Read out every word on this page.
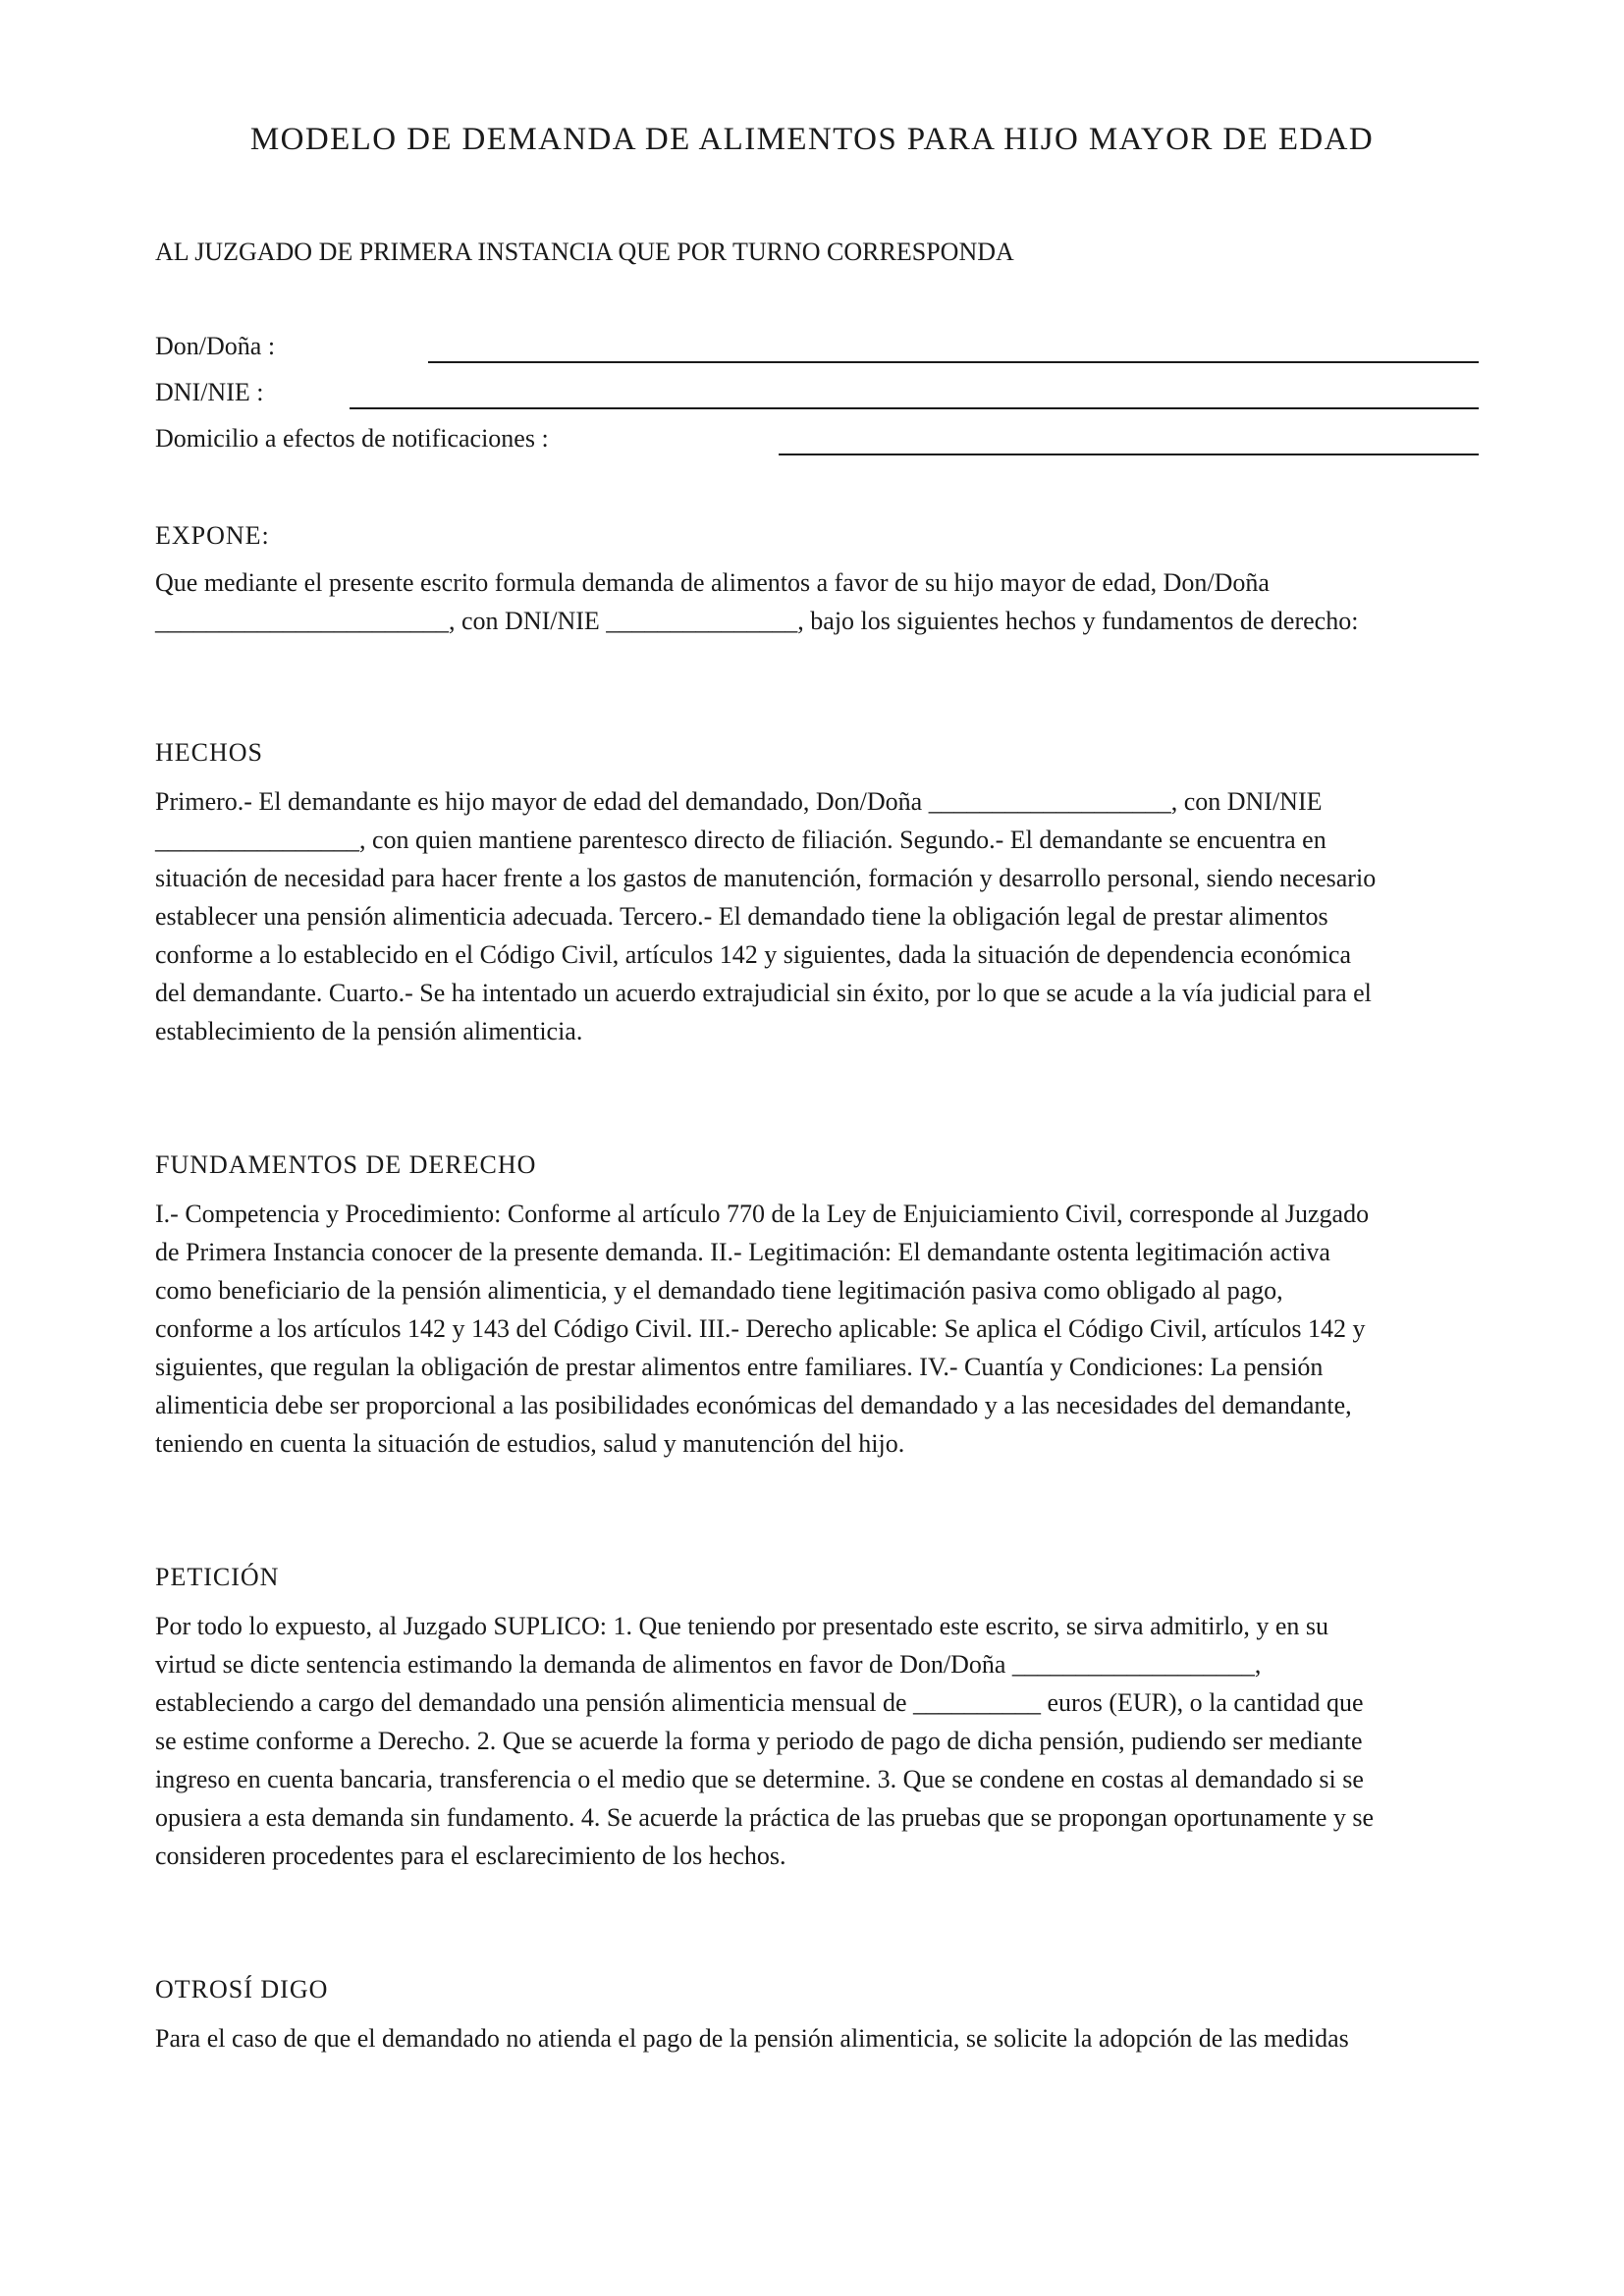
MODELO DE DEMANDA DE ALIMENTOS PARA HIJO MAYOR DE EDAD
AL JUZGADO DE PRIMERA INSTANCIA QUE POR TURNO CORRESPONDA
Don/Doña :
DNI/NIE :
Domicilio a efectos de notificaciones :
EXPONE:
Que mediante el presente escrito formula demanda de alimentos a favor de su hijo mayor de edad, Don/Doña
_______________________, con DNI/NIE _______________, bajo los siguientes hechos y fundamentos de derecho:
HECHOS
Primero.- El demandante es hijo mayor de edad del demandado, Don/Doña ___________________, con DNI/NIE
________________, con quien mantiene parentesco directo de filiación. Segundo.- El demandante se encuentra en
situación de necesidad para hacer frente a los gastos de manutención, formación y desarrollo personal, siendo necesario
establecer una pensión alimenticia adecuada. Tercero.- El demandado tiene la obligación legal de prestar alimentos
conforme a lo establecido en el Código Civil, artículos 142 y siguientes, dada la situación de dependencia económica
del demandante. Cuarto.- Se ha intentado un acuerdo extrajudicial sin éxito, por lo que se acude a la vía judicial para el
establecimiento de la pensión alimenticia.
FUNDAMENTOS DE DERECHO
I.- Competencia y Procedimiento: Conforme al artículo 770 de la Ley de Enjuiciamiento Civil, corresponde al Juzgado
de Primera Instancia conocer de la presente demanda. II.- Legitimación: El demandante ostenta legitimación activa
como beneficiario de la pensión alimenticia, y el demandado tiene legitimación pasiva como obligado al pago,
conforme a los artículos 142 y 143 del Código Civil. III.- Derecho aplicable: Se aplica el Código Civil, artículos 142 y
siguientes, que regulan la obligación de prestar alimentos entre familiares. IV.- Cuantía y Condiciones: La pensión
alimenticia debe ser proporcional a las posibilidades económicas del demandado y a las necesidades del demandante,
teniendo en cuenta la situación de estudios, salud y manutención del hijo.
PETICIÓN
Por todo lo expuesto, al Juzgado SUPLICO: 1. Que teniendo por presentado este escrito, se sirva admitirlo, y en su
virtud se dicte sentencia estimando la demanda de alimentos en favor de Don/Doña ___________________,
estableciendo a cargo del demandado una pensión alimenticia mensual de __________ euros (EUR), o la cantidad que
se estime conforme a Derecho. 2. Que se acuerde la forma y periodo de pago de dicha pensión, pudiendo ser mediante
ingreso en cuenta bancaria, transferencia o el medio que se determine. 3. Que se condene en costas al demandado si se
opusiera a esta demanda sin fundamento. 4. Se acuerde la práctica de las pruebas que se propongan oportunamente y se
consideren procedentes para el esclarecimiento de los hechos.
OTROSÍ DIGO
Para el caso de que el demandado no atienda el pago de la pensión alimenticia, se solicite la adopción de las medidas
